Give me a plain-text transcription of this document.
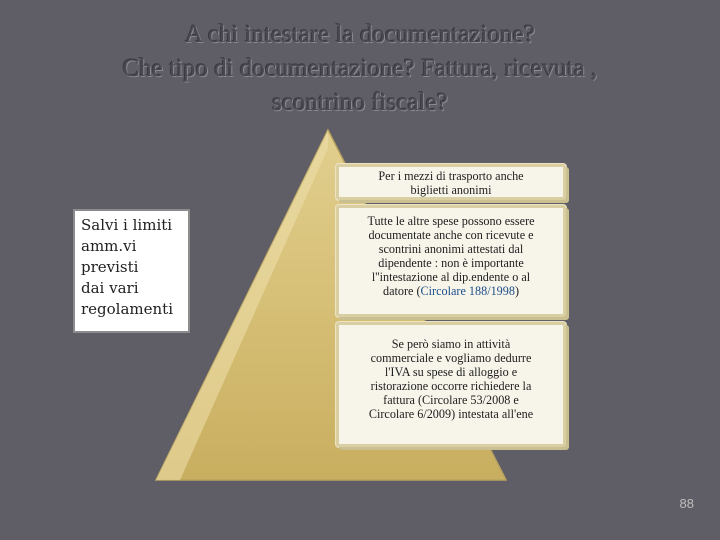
A chi intestare la documentazione?
Che tipo di documentazione? Fattura, ricevuta ,
scontrino fiscale?
Salvi i limiti
amm.vi
previsti
dai vari
regolamenti
Per i mezzi di trasporto anche
biglietti anonimi
Tutte le altre spese possono essere
documentate anche con ricevute e
scontrini anonimi attestati dal
dipendente : non è importante
l''intestazione al dip.endente o al
datore (Circolare 188/1998)
Se però siamo in attività
commerciale e vogliamo dedurre
l'IVA su spese di alloggio e
ristorazione occorre richiedere la
fattura (Circolare 53/2008 e
Circolare 6/2009) intestata all'ene
88
